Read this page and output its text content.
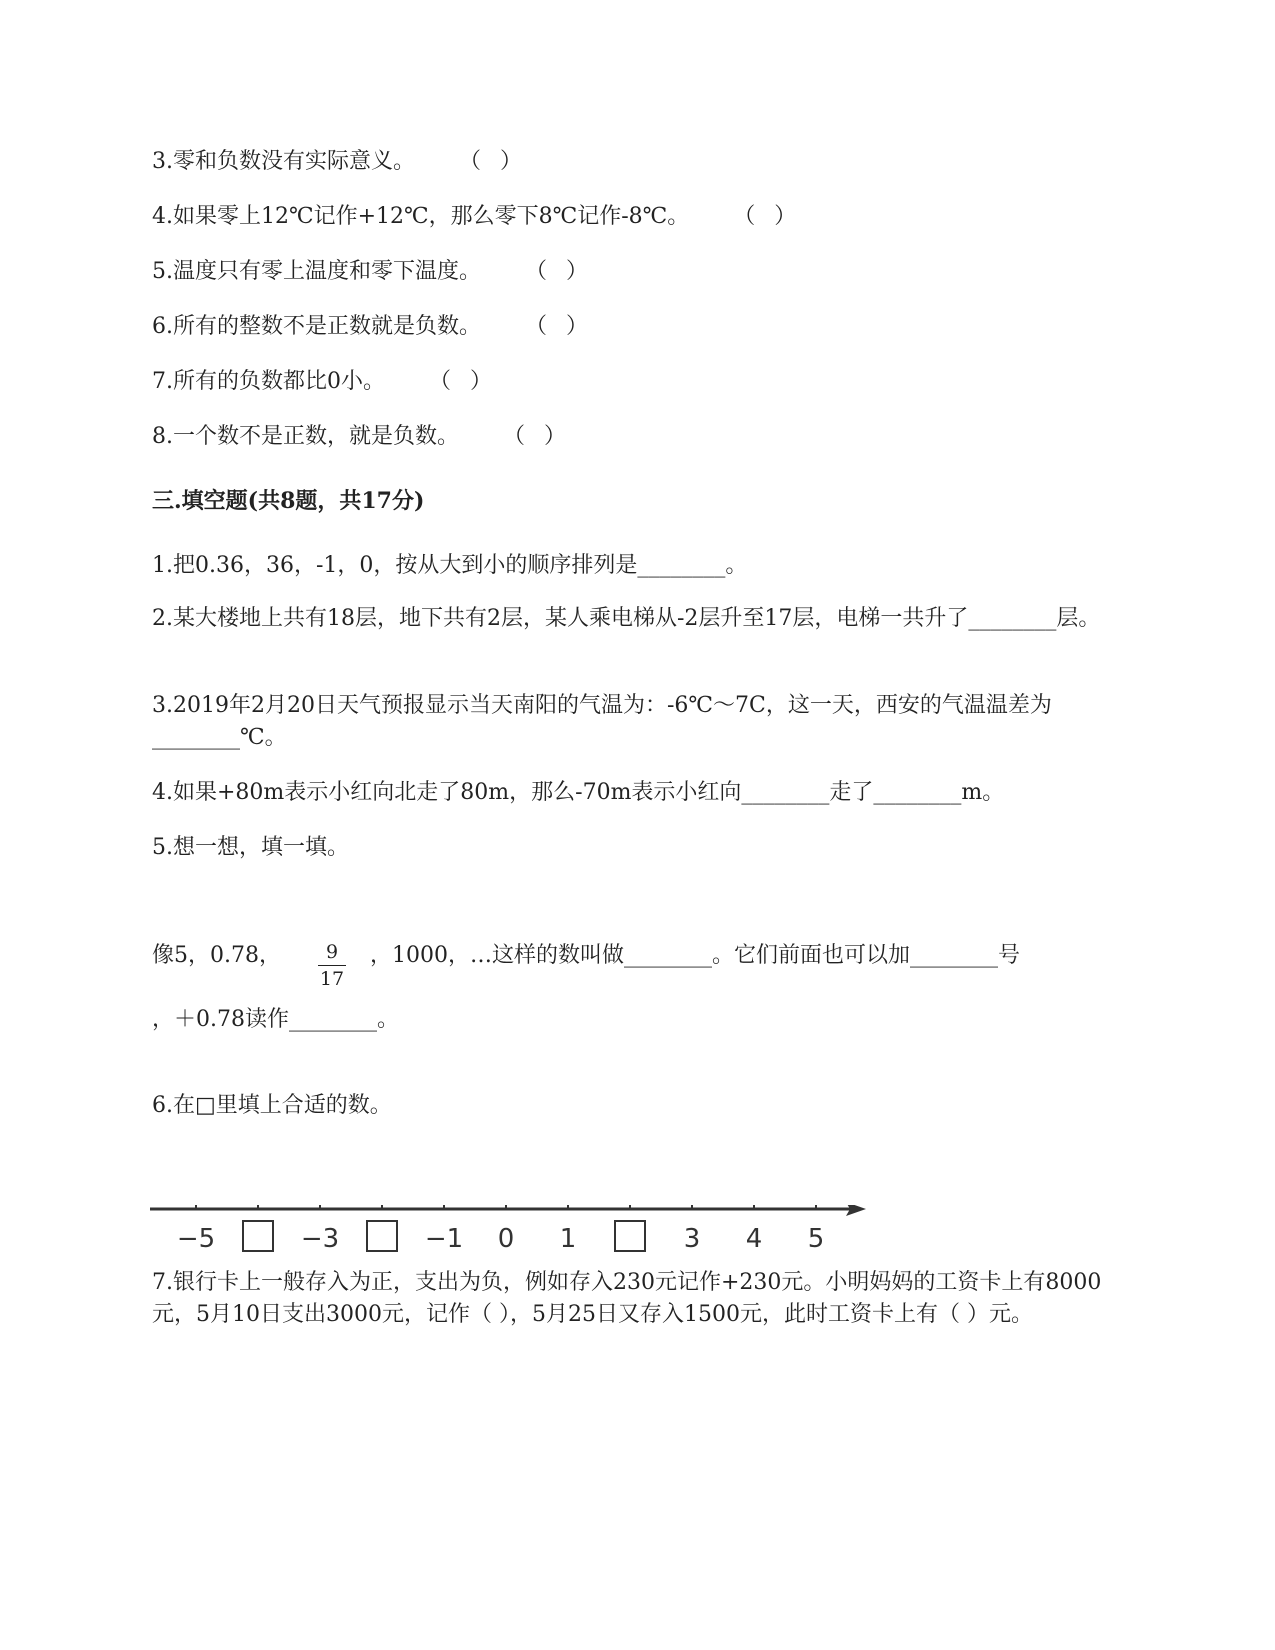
3.零和负数没有实际意义。 （ ）
4.如果零上12℃记作+12℃，那么零下8℃记作-8℃。 （ ）
5.温度只有零上温度和零下温度。 （ ）
6.所有的整数不是正数就是负数。 （ ）
7.所有的负数都比0小。 （ ）
8.一个数不是正数，就是负数。 （ ）
三.填空题(共8题，共17分)
1.把0.36，36，-1，0，按从大到小的顺序排列是________。
2.某大楼地上共有18层，地下共有2层，某人乘电梯从-2层升至17层，电梯一共升了________层。
3.2019年2月20日天气预报显示当天南阳的气温为：-6℃～7C，这一天，西安的气温温差为________℃。
4.如果+80m表示小红向北走了80m，那么-70m表示小红向________走了________m。
5.想一想，填一填。
像5，0.78， $\frac{9}{17}$ ，1000，…这样的数叫做________。它们前面也可以加________号
，＋0.78读作________。
6.在□里填上合适的数。
−5	−3	−1 0 1	3 4 5
7.银行卡上一般存入为正，支出为负，例如存入230元记作+230元。小明妈妈的工资卡上有8000元，5月10日支出3000元，记作（ ），5月25日又存入1500元，此时工资卡上有（ ）元。
